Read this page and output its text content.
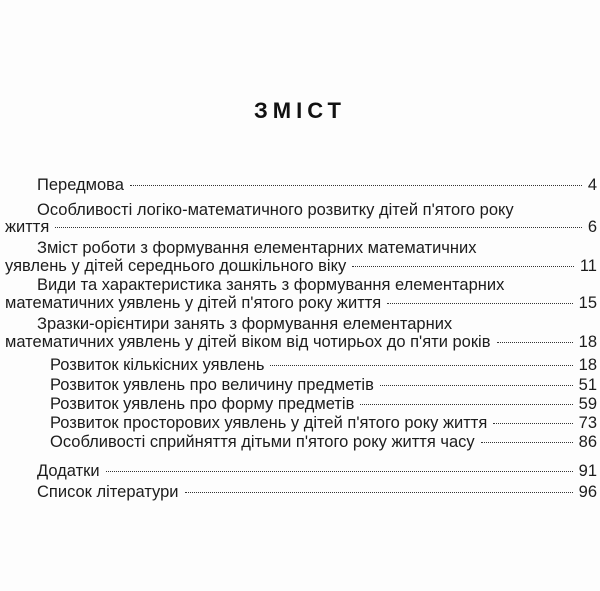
ЗМІСТ
Передмова	4
Особливості логіко-математичного розвитку дітей п'ятого року
життя	6
Зміст роботи з формування елементарних математичних
уявлень у дітей середнього дошкільного віку	11
Види та характеристика занять з формування елементарних
математичних уявлень у дітей п'ятого року життя	15
Зразки-орієнтири занять з формування елементарних
математичних уявлень у дітей віком від чотирьох до п'яти років	18
Розвиток кількісних уявлень	18
Розвиток уявлень про величину предметів	51
Розвиток уявлень про форму предметів	59
Розвиток просторових уявлень у дітей п'ятого року життя	73
Особливості сприйняття дітьми п'ятого року життя часу	86
Додатки	91
Список літератури	96
